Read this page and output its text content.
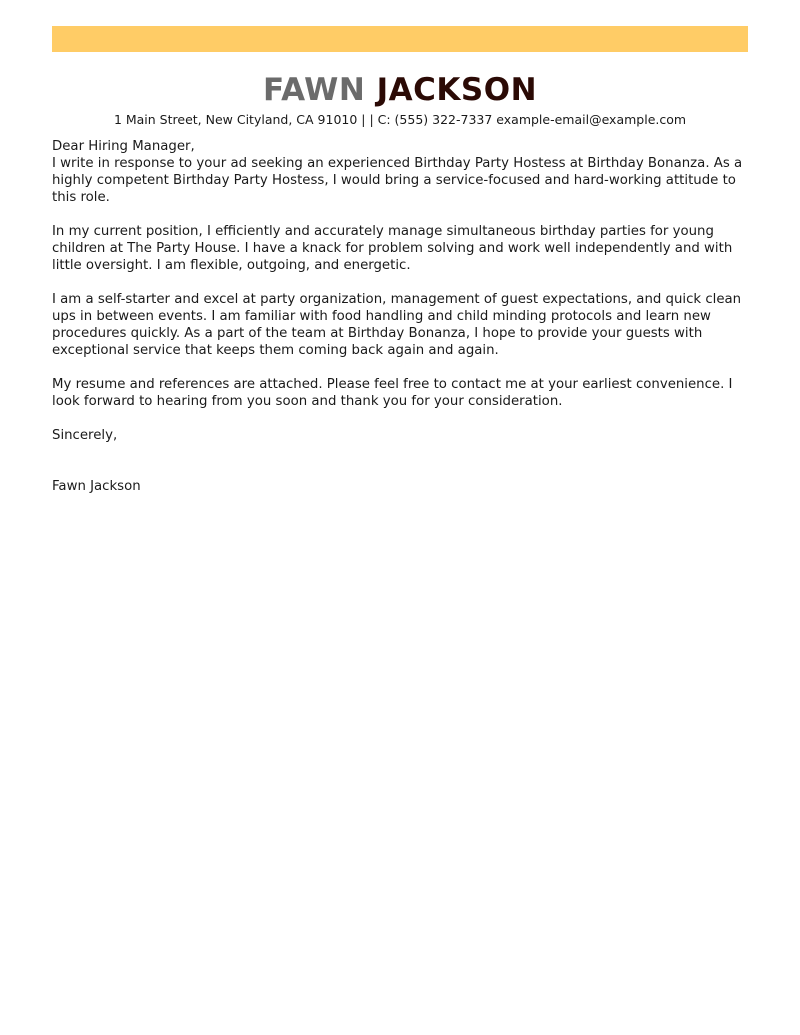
FAWN JACKSON
1 Main Street, New Cityland, CA 91010 | | C: (555) 322-7337 example-email@example.com

Dear Hiring Manager,

I write in response to your ad seeking an experienced Birthday Party Hostess at Birthday Bonanza. As a highly competent Birthday Party Hostess, I would bring a service-focused and hard-working attitude to this role.

In my current position, I efficiently and accurately manage simultaneous birthday parties for young children at The Party House. I have a knack for problem solving and work well independently and with little oversight. I am flexible, outgoing, and energetic.

I am a self-starter and excel at party organization, management of guest expectations, and quick clean ups in between events. I am familiar with food handling and child minding protocols and learn new procedures quickly. As a part of the team at Birthday Bonanza, I hope to provide your guests with exceptional service that keeps them coming back again and again.

My resume and references are attached. Please feel free to contact me at your earliest convenience. I look forward to hearing from you soon and thank you for your consideration.

Sincerely,

Fawn Jackson
